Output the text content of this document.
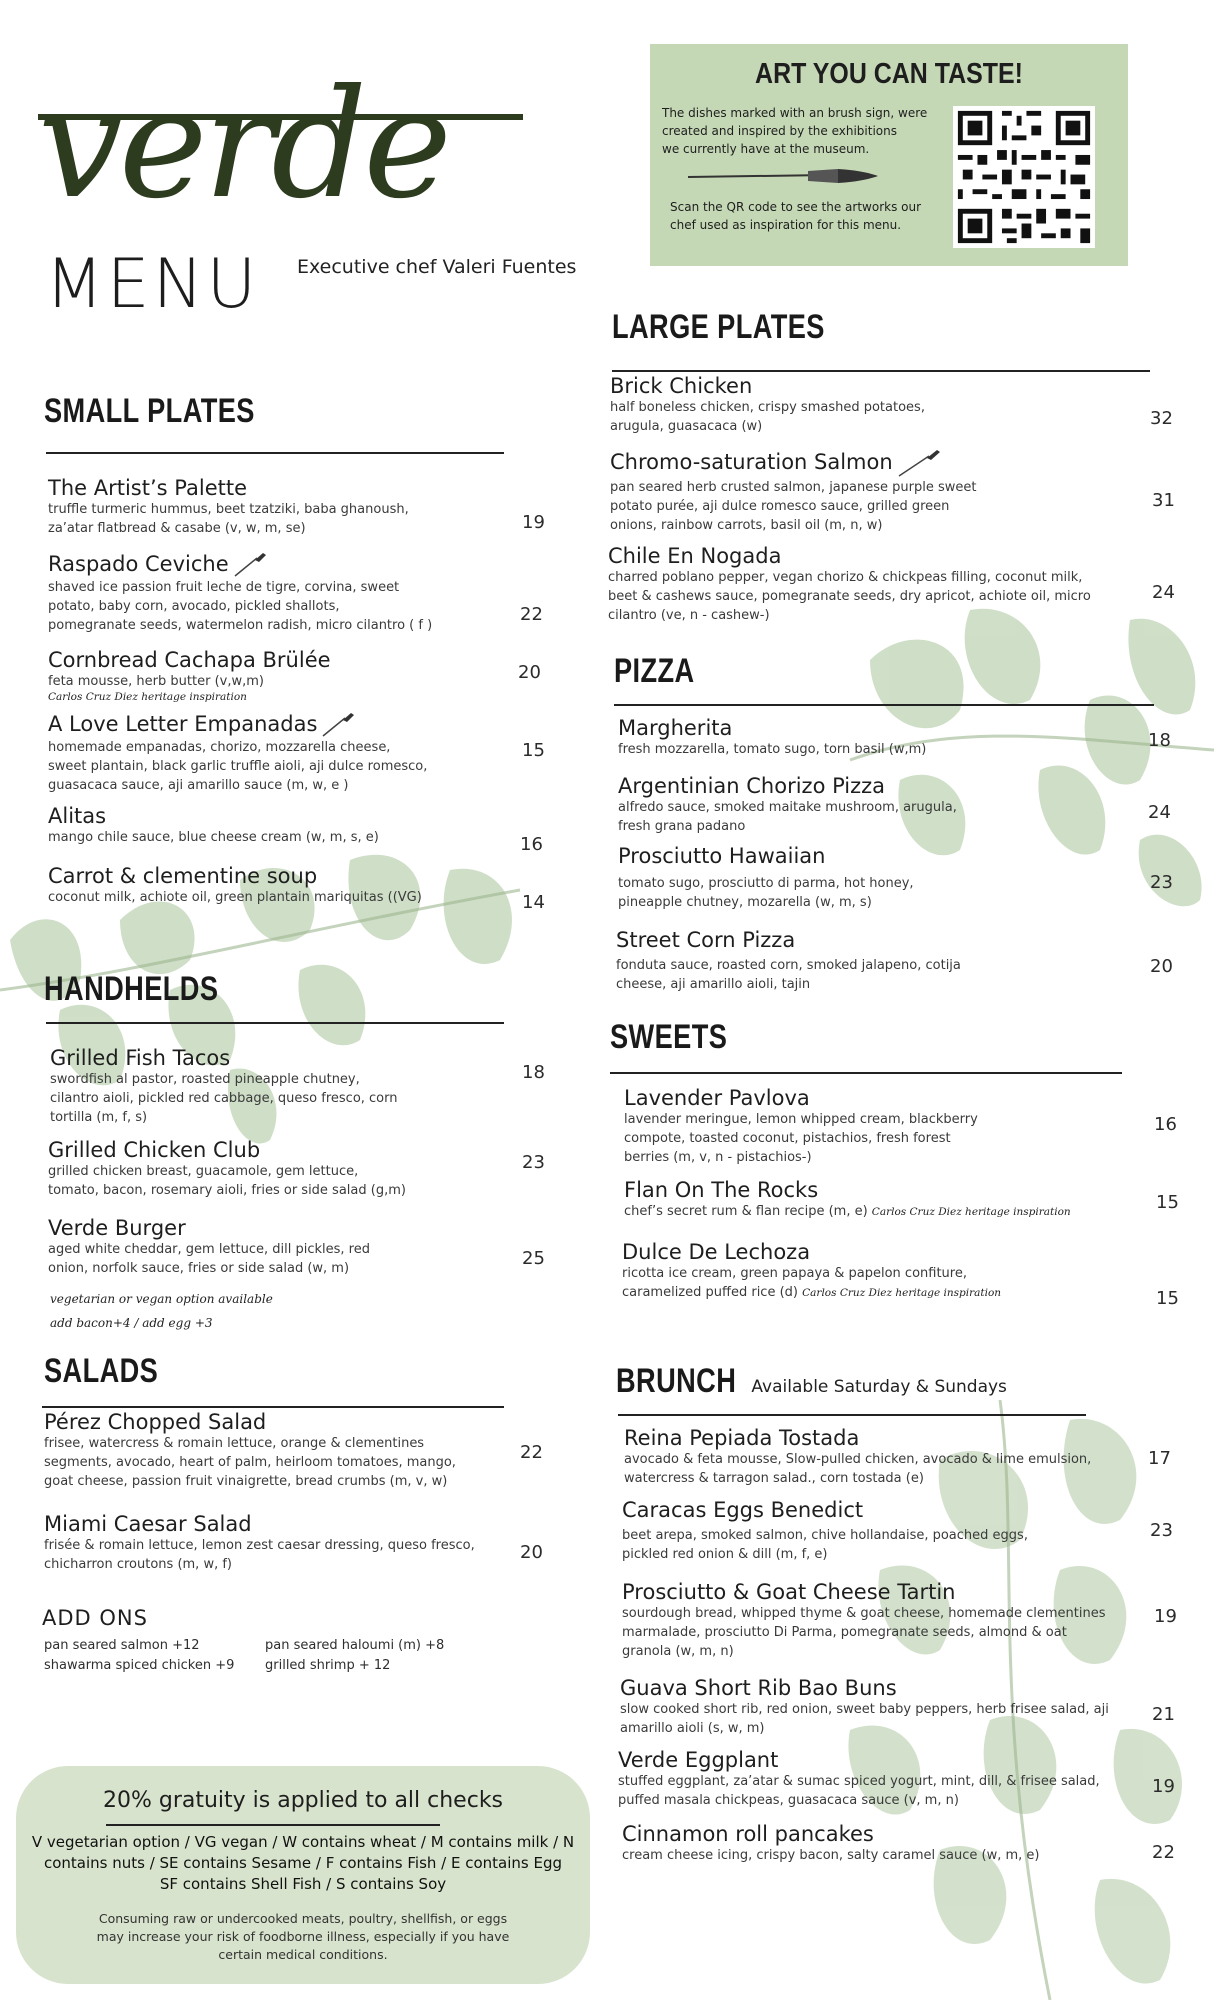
verde
MENU Executive chef Valeri Fuentes
ART YOU CAN TASTE!
The dishes marked with an brush sign, were
created and inspired by the exhibitions
we currently have at the museum.
Scan the QR code to see the artworks our
chef used as inspiration for this menu.
SMALL PLATES
The Artist’s Palette
truffle turmeric hummus, beet tzatziki, baba ghanoush,
za’atar flatbread & casabe (v, w, m, se)	19
Raspado Ceviche
shaved ice passion fruit leche de tigre, corvina, sweet
potato, baby corn, avocado, pickled shallots,
pomegranate seeds, watermelon radish, micro cilantro ( f )
22
Cornbread Cachapa Brülée
feta mousse, herb butter (v,w,m)
Carlos Cruz Diez heritage inspiration
20
A Love Letter Empanadas
homemade empanadas, chorizo, mozzarella cheese,
sweet plantain, black garlic truffle aioli, aji dulce romesco,
guasacaca sauce, aji amarillo sauce (m, w, e )
15
Alitas
mango chile sauce, blue cheese cream (w, m, s, e)	16
Carrot & clementine soup
coconut milk, achiote oil, green plantain mariquitas ((VG)	14
HANDHELDS
Grilled Fish Tacos
swordfish al pastor, roasted pineapple chutney,
cilantro aioli, pickled red cabbage, queso fresco, corn
tortilla (m, f, s)
18
Grilled Chicken Club
grilled chicken breast, guacamole, gem lettuce,
tomato, bacon, rosemary aioli, fries or side salad (g,m)
23
Verde Burger
aged white cheddar, gem lettuce, dill pickles, red
onion, norfolk sauce, fries or side salad (w, m)	25
vegetarian or vegan option available
add bacon+4 / add egg +3
SALADS
Pérez Chopped Salad
frisee, watercress & romain lettuce, orange & clementines
segments, avocado, heart of palm, heirloom tomatoes, mango,
goat cheese, passion fruit vinaigrette, bread crumbs (m, v, w)
22
Miami Caesar Salad
frisée & romain lettuce, lemon zest caesar dressing, queso fresco,
chicharron croutons (m, w, f)
20
ADD ONS
pan seared salmon +12
shawarma spiced chicken +9
pan seared haloumi (m) +8
grilled shrimp + 12
20% gratuity is applied to all checks
V vegetarian option / VG vegan / W contains wheat / M contains milk / N
contains nuts / SE contains Sesame / F contains Fish / E contains Egg
SF contains Shell Fish / S contains Soy
Consuming raw or undercooked meats, poultry, shellfish, or eggs
may increase your risk of foodborne illness, especially if you have
certain medical conditions.
LARGE PLATES
Brick Chicken
half boneless chicken, crispy smashed potatoes,
arugula, guasacaca (w)	32
Chromo-saturation Salmon
pan seared herb crusted salmon, japanese purple sweet
potato purée, aji dulce romesco sauce, grilled green
onions, rainbow carrots, basil oil (m, n, w)
31
Chile En Nogada
charred poblano pepper, vegan chorizo & chickpeas filling, coconut milk,
beet & cashews sauce, pomegranate seeds, dry apricot, achiote oil, micro
cilantro (ve, n - cashew-)
24
PIZZA
Margherita
fresh mozzarella, tomato sugo, torn basil (w,m)	18
Argentinian Chorizo Pizza
alfredo sauce, smoked maitake mushroom, arugula,
fresh grana padano
24
Prosciutto Hawaiian
tomato sugo, prosciutto di parma, hot honey,
pineapple chutney, mozarella (w, m, s)
23
Street Corn Pizza
fonduta sauce, roasted corn, smoked jalapeno, cotija
cheese, aji amarillo aioli, tajin
20
SWEETS
Lavender Pavlova
lavender meringue, lemon whipped cream, blackberry
compote, toasted coconut, pistachios, fresh forest
berries (m, v, n - pistachios-)
16
Flan On The Rocks
chef’s secret rum & flan recipe (m, e) Carlos Cruz Diez heritage inspiration	15
Dulce De Lechoza
ricotta ice cream, green papaya & papelon confiture,
caramelized puffed rice (d) Carlos Cruz Diez heritage inspiration	15
BRUNCH Available Saturday & Sundays
Reina Pepiada Tostada
avocado & feta mousse, Slow-pulled chicken, avocado & lime emulsion,
watercress & tarragon salad., corn tostada (e)
17
Caracas Eggs Benedict
beet arepa, smoked salmon, chive hollandaise, poached eggs,
pickled red onion & dill (m, f, e)
23
Prosciutto & Goat Cheese Tartin
sourdough bread, whipped thyme & goat cheese, homemade clementines
marmalade, prosciutto Di Parma, pomegranate seeds, almond & oat
granola (w, m, n)
19
Guava Short Rib Bao Buns
slow cooked short rib, red onion, sweet baby peppers, herb frisee salad, aji
amarillo aioli (s, w, m)
21
Verde Eggplant
stuffed eggplant, za’atar & sumac spiced yogurt, mint, dill, & frisee salad,
puffed masala chickpeas, guasacaca sauce (v, m, n)
19
Cinnamon roll pancakes
cream cheese icing, crispy bacon, salty caramel sauce (w, m, e)	22
